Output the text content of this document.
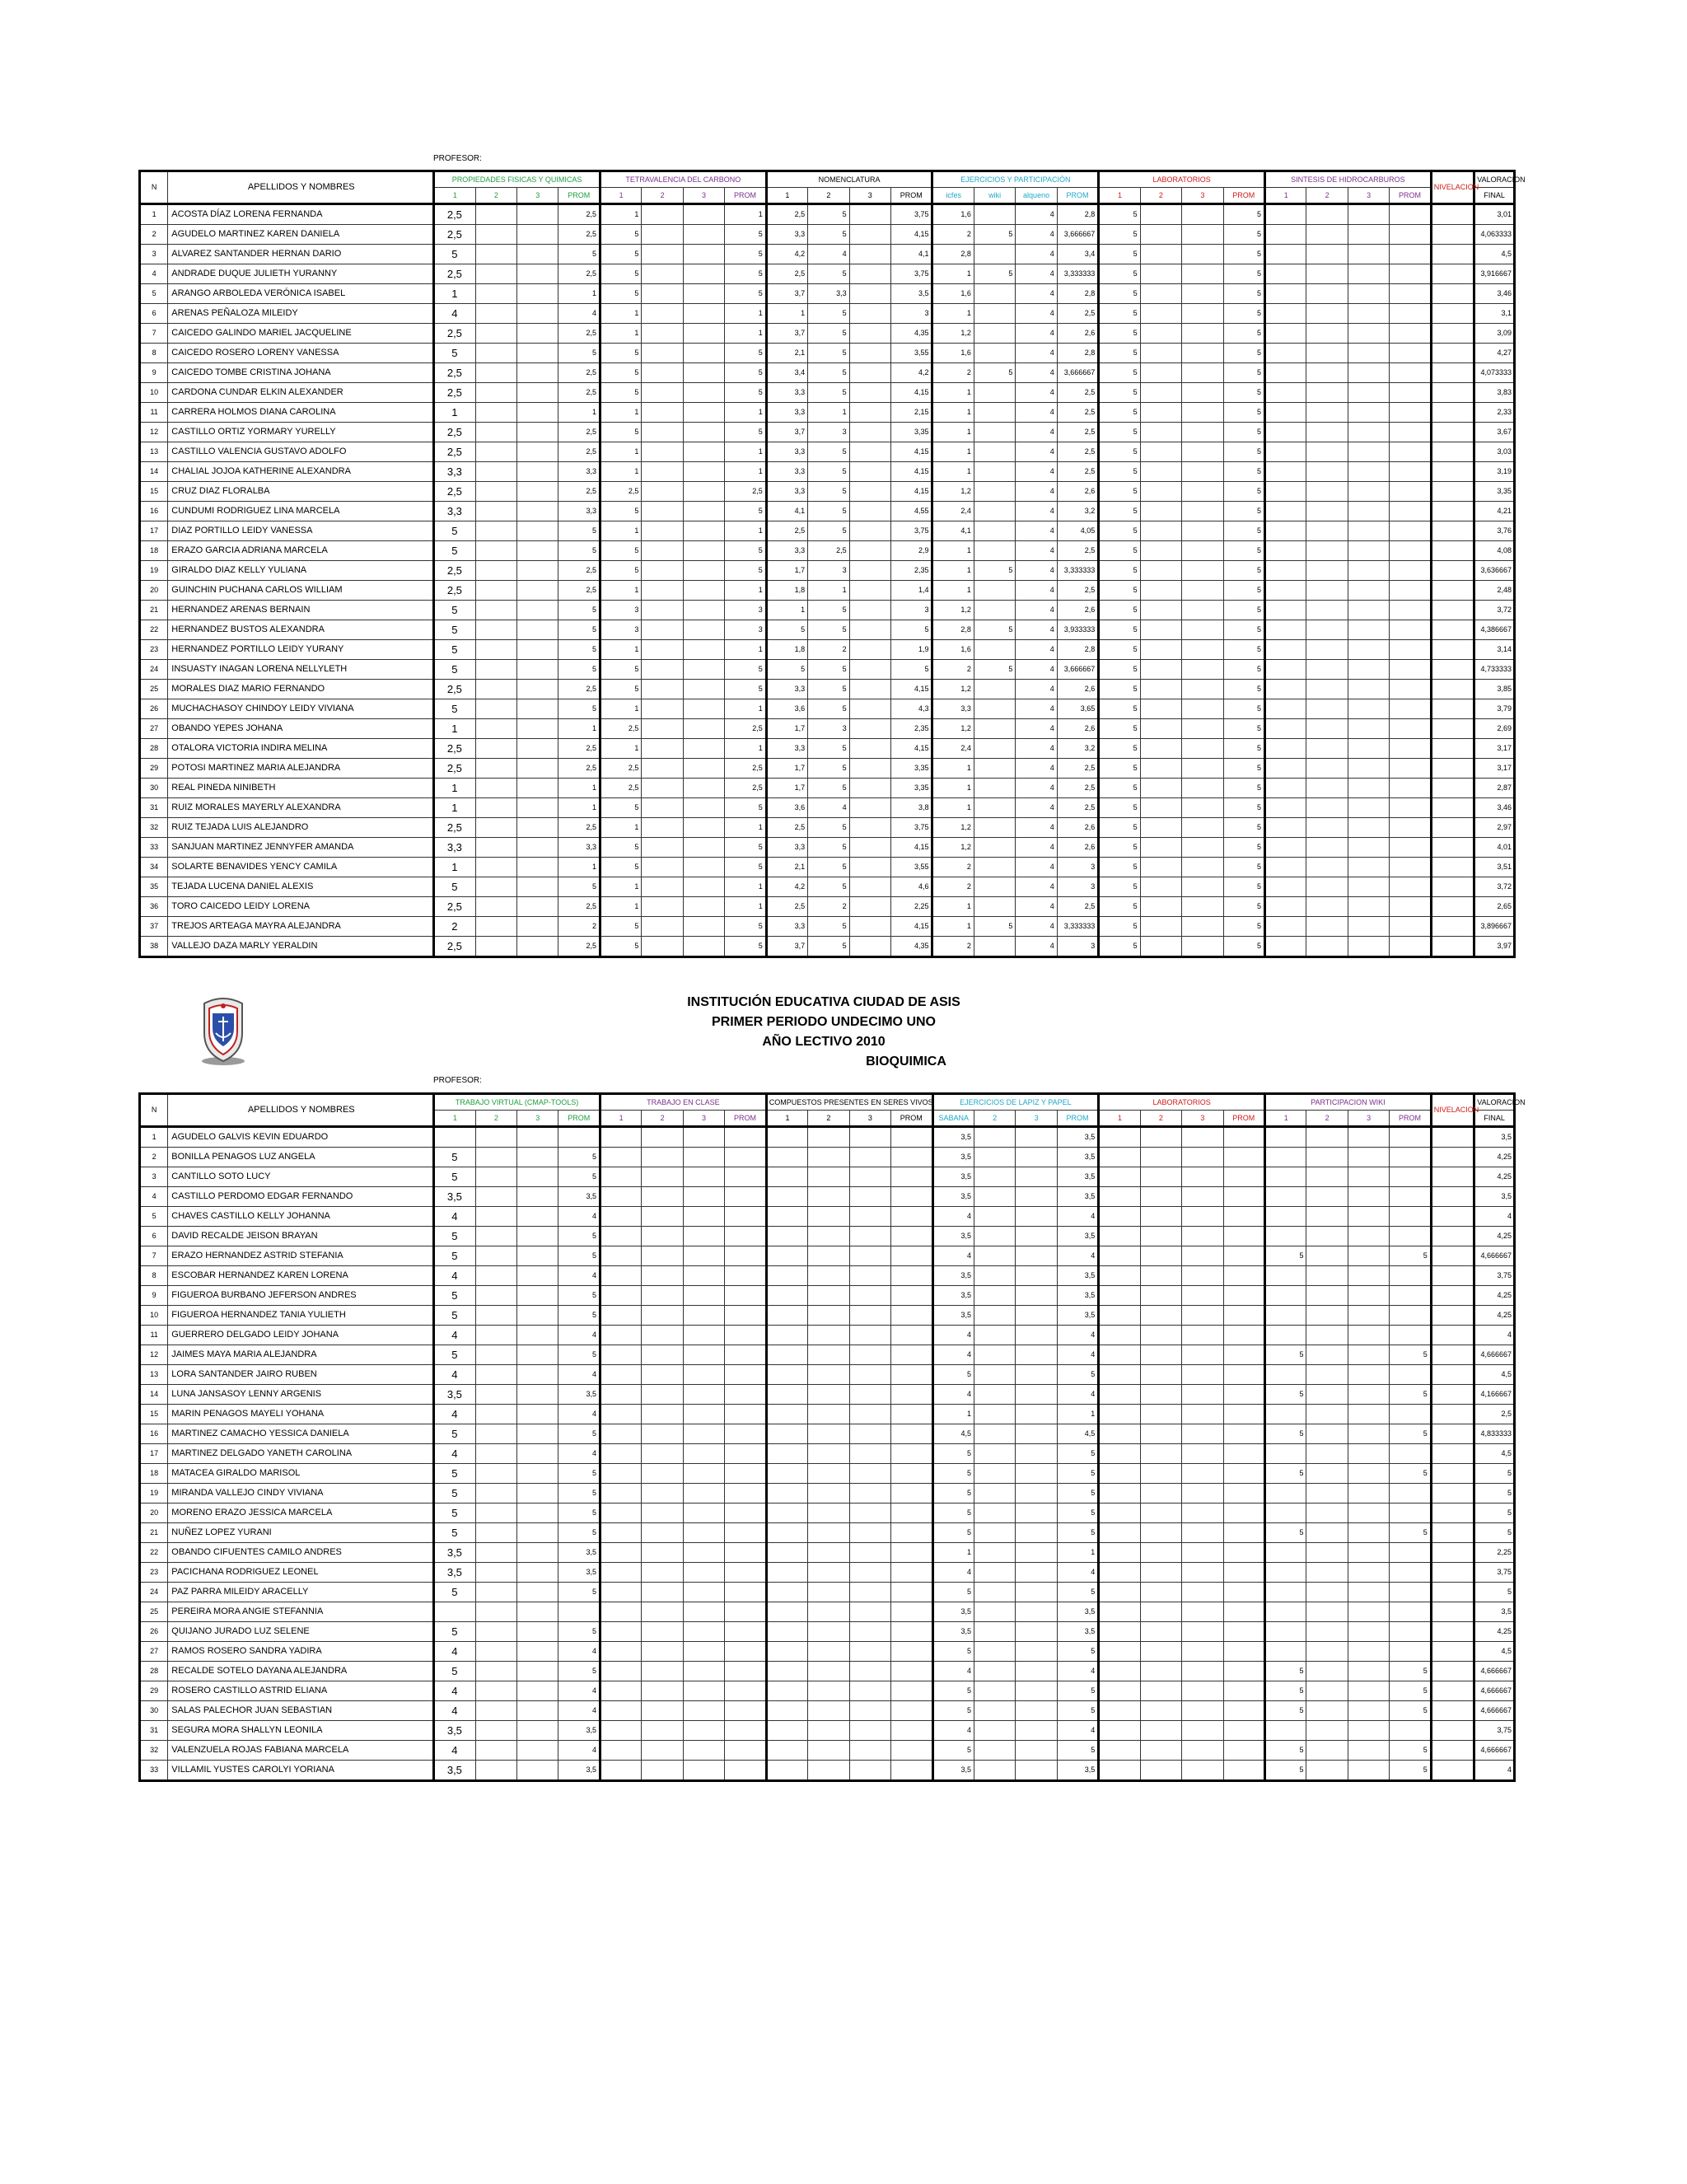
PROFESOR:
N	APELLIDOS Y NOMBRES	PROPIEDADES FISICAS Y QUIMICAS				TETRAVALENCIA DEL CARBONO				NOMENCLATURA				EJERCICIOS Y PARTICIPACIÓN				LABORATORIOS				SINTESIS DE HIDROCARBUROS				NIVELACION	VALORACION
		1	2	3	PROM	1	2	3	PROM	1	2	3	PROM	icfes	wiki	alqueno	PROM	1	2	3	PROM	1	2	3	PROM		FINAL
1	ACOSTA DÍAZ LORENA FERNANDA	2,5			2,5	1			1	2,5	5		3,75	1,6		4	2,8	5			5						3,01
2	AGUDELO MARTINEZ KAREN DANIELA	2,5			2,5	5			5	3,3	5		4,15	2	5	4	3,666667	5			5						4,063333
3	ALVAREZ SANTANDER HERNAN DARIO	5			5	5			5	4,2	4		4,1	2,8		4	3,4	5			5						4,5
4	ANDRADE DUQUE JULIETH YURANNY	2,5			2,5	5			5	2,5	5		3,75	1	5	4	3,333333	5			5						3,916667
5	ARANGO ARBOLEDA VERÓNICA ISABEL	1			1	5			5	3,7	3,3		3,5	1,6		4	2,8	5			5						3,46
6	ARENAS PEÑALOZA MILEIDY	4			4	1			1	1	5		3	1		4	2,5	5			5						3,1
7	CAICEDO GALINDO MARIEL JACQUELINE	2,5			2,5	1			1	3,7	5		4,35	1,2		4	2,6	5			5						3,09
8	CAICEDO ROSERO LORENY VANESSA	5			5	5			5	2,1	5		3,55	1,6		4	2,8	5			5						4,27
9	CAICEDO TOMBE CRISTINA JOHANA	2,5			2,5	5			5	3,4	5		4,2	2	5	4	3,666667	5			5						4,073333
10	CARDONA CUNDAR ELKIN ALEXANDER	2,5			2,5	5			5	3,3	5		4,15	1		4	2,5	5			5						3,83
11	CARRERA HOLMOS DIANA CAROLINA	1			1	1			1	3,3	1		2,15	1		4	2,5	5			5						2,33
12	CASTILLO ORTIZ YORMARY YURELLY	2,5			2,5	5			5	3,7	3		3,35	1		4	2,5	5			5						3,67
13	CASTILLO VALENCIA GUSTAVO ADOLFO	2,5			2,5	1			1	3,3	5		4,15	1		4	2,5	5			5						3,03
14	CHALIAL JOJOA KATHERINE ALEXANDRA	3,3			3,3	1			1	3,3	5		4,15	1		4	2,5	5			5						3,19
15	CRUZ DIAZ FLORALBA	2,5			2,5	2,5			2,5	3,3	5		4,15	1,2		4	2,6	5			5						3,35
16	CUNDUMI RODRIGUEZ LINA MARCELA	3,3			3,3	5			5	4,1	5		4,55	2,4		4	3,2	5			5						4,21
17	DIAZ PORTILLO LEIDY VANESSA	5			5	1			1	2,5	5		3,75	4,1		4	4,05	5			5						3,76
18	ERAZO GARCIA ADRIANA MARCELA	5			5	5			5	3,3	2,5		2,9	1		4	2,5	5			5						4,08
19	GIRALDO DIAZ KELLY YULIANA	2,5			2,5	5			5	1,7	3		2,35	1	5	4	3,333333	5			5						3,636667
20	GUINCHIN PUCHANA CARLOS WILLIAM	2,5			2,5	1			1	1,8	1		1,4	1		4	2,5	5			5						2,48
21	HERNANDEZ ARENAS BERNAIN	5			5	3			3	1	5		3	1,2		4	2,6	5			5						3,72
22	HERNANDEZ BUSTOS ALEXANDRA	5			5	3			3	5	5		5	2,8	5	4	3,933333	5			5						4,386667
23	HERNANDEZ PORTILLO LEIDY YURANY	5			5	1			1	1,8	2		1,9	1,6		4	2,8	5			5						3,14
24	INSUASTY INAGAN LORENA NELLYLETH	5			5	5			5	5	5		5	2	5	4	3,666667	5			5						4,733333
25	MORALES DIAZ MARIO FERNANDO	2,5			2,5	5			5	3,3	5		4,15	1,2		4	2,6	5			5						3,85
26	MUCHACHASOY CHINDOY LEIDY VIVIANA	5			5	1			1	3,6	5		4,3	3,3		4	3,65	5			5						3,79
27	OBANDO YEPES JOHANA	1			1	2,5			2,5	1,7	3		2,35	1,2		4	2,6	5			5						2,69
28	OTALORA VICTORIA INDIRA MELINA	2,5			2,5	1			1	3,3	5		4,15	2,4		4	3,2	5			5						3,17
29	POTOSI MARTINEZ MARIA ALEJANDRA	2,5			2,5	2,5			2,5	1,7	5		3,35	1		4	2,5	5			5						3,17
30	REAL PINEDA NINIBETH	1			1	2,5			2,5	1,7	5		3,35	1		4	2,5	5			5						2,87
31	RUIZ MORALES MAYERLY ALEXANDRA	1			1	5			5	3,6	4		3,8	1		4	2,5	5			5						3,46
32	RUIZ TEJADA LUIS ALEJANDRO	2,5			2,5	1			1	2,5	5		3,75	1,2		4	2,6	5			5						2,97
33	SANJUAN MARTINEZ JENNYFER AMANDA	3,3			3,3	5			5	3,3	5		4,15	1,2		4	2,6	5			5						4,01
34	SOLARTE BENAVIDES YENCY CAMILA	1			1	5			5	2,1	5		3,55	2		4	3	5			5						3,51
35	TEJADA LUCENA DANIEL ALEXIS	5			5	1			1	4,2	5		4,6	2		4	3	5			5						3,72
36	TORO CAICEDO LEIDY LORENA	2,5			2,5	1			1	2,5	2		2,25	1		4	2,5	5			5						2,65
37	TREJOS ARTEAGA MAYRA ALEJANDRA	2			2	5			5	3,3	5		4,15	1	5	4	3,333333	5			5						3,896667
38	VALLEJO DAZA MARLY YERALDIN	2,5			2,5	5			5	3,7	5		4,35	2		4	3	5			5						3,97
INSTITUCIÓN EDUCATIVA CIUDAD DE ASIS
PRIMER PERIODO UNDECIMO UNO
AÑO LECTIVO 2010
BIOQUIMICA
PROFESOR:
N	APELLIDOS Y NOMBRES	TRABAJO VIRTUAL (CMAP-TOOLS)				TRABAJO EN CLASE				COMPUESTOS PRESENTES EN SERES VIVOS				EJERCICIOS DE LAPIZ Y PAPEL				LABORATORIOS				PARTICIPACION WIKI				NIVELACION	VALORACION
		1	2	3	PROM	1	2	3	PROM	1	2	3	PROM	SABANA	2	3	PROM	1	2	3	PROM	1	2	3	PROM		FINAL
1	AGUDELO GALVIS KEVIN EDUARDO													3,5			3,5										3,5
2	BONILLA PENAGOS LUZ ANGELA	5			5									3,5			3,5										4,25
3	CANTILLO SOTO LUCY	5			5									3,5			3,5										4,25
4	CASTILLO PERDOMO EDGAR FERNANDO	3,5			3,5									3,5			3,5										3,5
5	CHAVES CASTILLO KELLY JOHANNA	4			4									4			4										4
6	DAVID RECALDE JEISON BRAYAN	5			5									3,5			3,5										4,25
7	ERAZO HERNANDEZ ASTRID STEFANIA	5			5									4			4					5			5		4,666667
8	ESCOBAR HERNANDEZ KAREN LORENA	4			4									3,5			3,5										3,75
9	FIGUEROA BURBANO JEFERSON ANDRES	5			5									3,5			3,5										4,25
10	FIGUEROA HERNANDEZ TANIA YULIETH	5			5									3,5			3,5										4,25
11	GUERRERO DELGADO LEIDY JOHANA	4			4									4			4										4
12	JAIMES MAYA MARIA ALEJANDRA	5			5									4			4					5			5		4,666667
13	LORA SANTANDER JAIRO RUBEN	4			4									5			5										4,5
14	LUNA JANSASOY LENNY ARGENIS	3,5			3,5									4			4					5			5		4,166667
15	MARIN PENAGOS MAYELI YOHANA	4			4									1			1										2,5
16	MARTINEZ CAMACHO YESSICA DANIELA	5			5									4,5			4,5					5			5		4,833333
17	MARTINEZ DELGADO YANETH CAROLINA	4			4									5			5										4,5
18	MATACEA GIRALDO MARISOL	5			5									5			5					5			5		5
19	MIRANDA VALLEJO CINDY VIVIANA	5			5									5			5										5
20	MORENO ERAZO JESSICA MARCELA	5			5									5			5										5
21	NUÑEZ LOPEZ YURANI	5			5									5			5					5			5		5
22	OBANDO CIFUENTES CAMILO ANDRES	3,5			3,5									1			1										2,25
23	PACICHANA RODRIGUEZ LEONEL	3,5			3,5									4			4										3,75
24	PAZ PARRA MILEIDY ARACELLY	5			5									5			5										5
25	PEREIRA MORA ANGIE STEFANNIA													3,5			3,5										3,5
26	QUIJANO JURADO LUZ SELENE	5			5									3,5			3,5										4,25
27	RAMOS ROSERO SANDRA YADIRA	4			4									5			5										4,5
28	RECALDE SOTELO DAYANA ALEJANDRA	5			5									4			4					5			5		4,666667
29	ROSERO CASTILLO ASTRID ELIANA	4			4									5			5					5			5		4,666667
30	SALAS PALECHOR JUAN SEBASTIAN	4			4									5			5					5			5		4,666667
31	SEGURA MORA SHALLYN LEONILA	3,5			3,5									4			4										3,75
32	VALENZUELA ROJAS FABIANA MARCELA	4			4									5			5					5			5		4,666667
33	VILLAMIL YUSTES CAROLYI YORIANA	3,5			3,5									3,5			3,5					5			5		4
